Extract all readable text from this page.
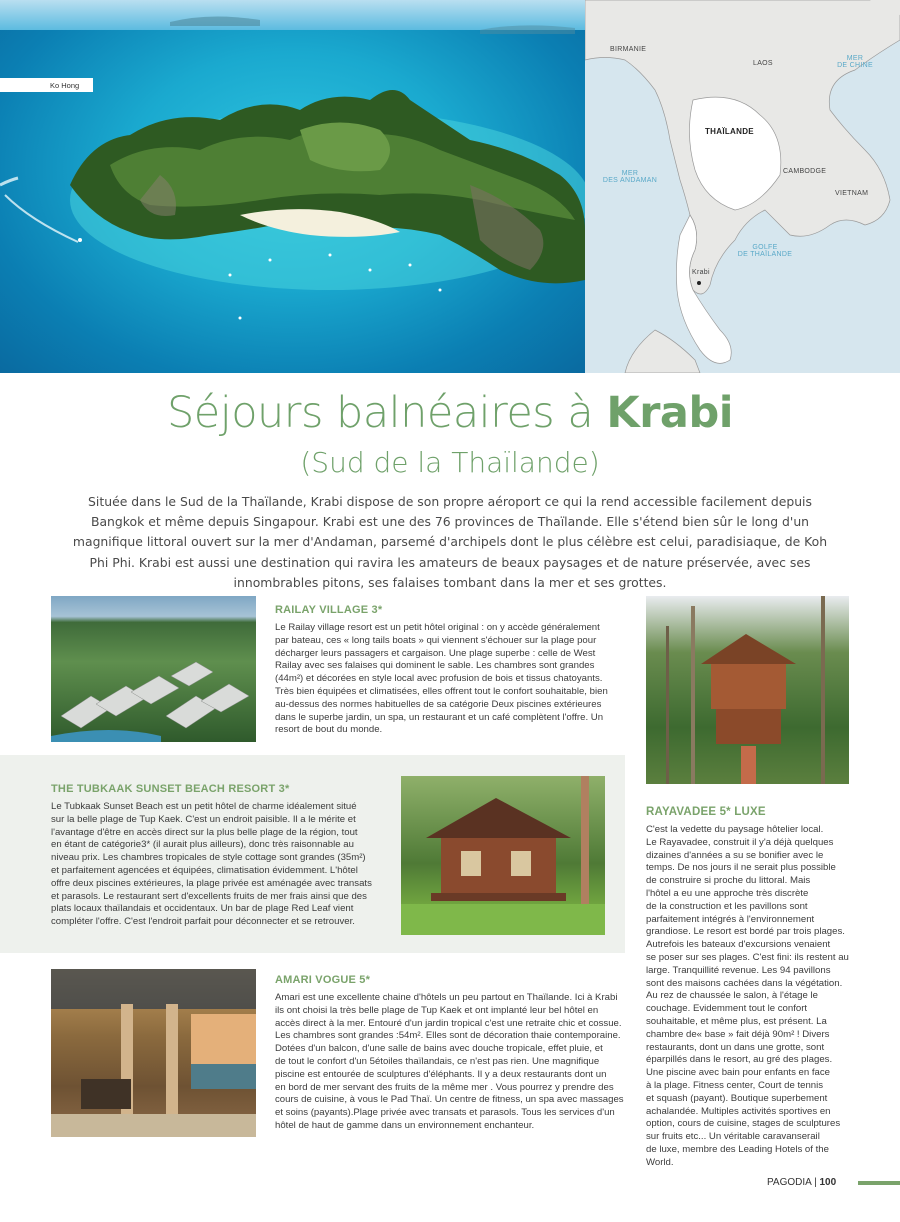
Ko Hong
BIRMANIE
LAOS
MER
DE CHINE
THAÏLANDE
MER
DES ANDAMAN
CAMBODGE
VIETNAM
GOLFE
DE THAÏLANDE
Krabi
Séjours balnéaires à Krabi
(Sud de la Thaïlande)
Située dans le Sud de la Thaïlande, Krabi dispose de son propre aéroport ce qui la rend accessible facilement depuis Bangkok et même depuis Singapour. Krabi est une des 76 provinces de Thaïlande. Elle s'étend bien sûr le long d'un magnifique littoral ouvert sur la mer d'Andaman, parsemé d'archipels dont le plus célèbre est celui, paradisiaque, de Koh Phi Phi. Krabi est aussi une destination qui ravira les amateurs de beaux paysages et de nature préservée, avec ses innombrables pitons, ses falaises tombant dans la mer et ses grottes.
RAILAY VILLAGE 3*
Le Railay village resort est un petit hôtel original : on y accède généralement
par bateau, ces « long tails boats » qui viennent s'échouer sur la plage pour
décharger leurs passagers et cargaison. Une plage superbe : celle de West
Railay avec ses falaises qui dominent le sable. Les chambres sont grandes
(44m²) et décorées en style local avec profusion de bois et tissus chatoyants.
Très bien équipées et climatisées, elles offrent tout le confort souhaitable, bien
au-dessus des normes habituelles de sa catégorie Deux piscines extérieures
dans le superbe jardin, un spa, un restaurant et un café complètent l'offre. Un
resort de bout du monde.
RAYAVADEE 5* LUXE
C'est la vedette du paysage hôtelier local.
Le Rayavadee, construit il y'a déjà quelques
dizaines d'années a su se bonifier avec le
temps. De nos jours il ne serait plus possible
de construire si proche du littoral. Mais
l'hôtel a eu une approche très discrète
de la construction et les pavillons sont
parfaitement intégrés à l'environnement
grandiose. Le resort est bordé par trois plages.
Autrefois les bateaux d'excursions venaient
se poser sur ses plages. C'est fini: ils restent au
large. Tranquillité revenue. Les 94 pavillons
sont des maisons cachées dans la végétation.
Au rez de chaussée le salon, à l'étage le
couchage. Evidemment tout le confort
souhaitable, et même plus, est présent. La
chambre de« base » fait déjà 90m² ! Divers
restaurants, dont un dans une grotte, sont
éparpillés dans le resort, au gré des plages.
Une piscine avec bain pour enfants en face
à la plage. Fitness center, Court de tennis
et squash (payant). Boutique superbement
achalandée. Multiples activités sportives en
option, cours de cuisine, stages de sculptures
sur fruits etc... Un véritable caravanserail
de luxe, membre des Leading Hotels of the
World.
THE TUBKAAK SUNSET BEACH RESORT 3*
Le Tubkaak Sunset Beach est un petit hôtel de charme idéalement situé
sur la belle plage de Tup Kaek. C'est un endroit paisible. Il a le mérite et
l'avantage d'être en accès direct sur la plus belle plage de la région, tout
en étant de catégorie3* (il aurait plus ailleurs), donc très raisonnable au
niveau prix. Les chambres tropicales de style cottage sont grandes (35m²)
et parfaitement agencées et équipées, climatisation évidemment. L'hôtel
offre deux piscines extérieures, la plage privée est aménagée avec transats
et parasols. Le restaurant sert d'excellents fruits de mer frais ainsi que des
plats locaux thaïlandais et occidentaux. Un bar de plage Red Leaf vient
compléter l'offre. C'est l'endroit parfait pour déconnecter et se retrouver.
AMARI VOGUE 5*
Amari est une excellente chaine d'hôtels un peu partout en Thaïlande. Ici à Krabi
ils ont choisi la très belle plage de Tup Kaek et ont implanté leur bel hôtel en
accès direct à la mer. Entouré d'un jardin tropical c'est une retraite chic et cossue.
Les chambres sont grandes :54m². Elles sont de décoration thaie contemporaine.
Dotées d'un balcon, d'une salle de bains avec douche tropicale, effet pluie, et
de tout le confort d'un 5étoiles thaïlandais, ce n'est pas rien. Une magnifique
piscine est entourée de sculptures d'éléphants. Il y a deux restaurants dont un
en bord de mer servant des fruits de la même mer . Vous pourrez y prendre des
cours de cuisine, à vous le Pad Thaï. Un centre de fitness, un spa avec massages
et soins (payants).Plage privée avec transats et parasols. Tous les services d'un
hôtel de haut de gamme dans un environnement enchanteur.
PAGODIA | 100
